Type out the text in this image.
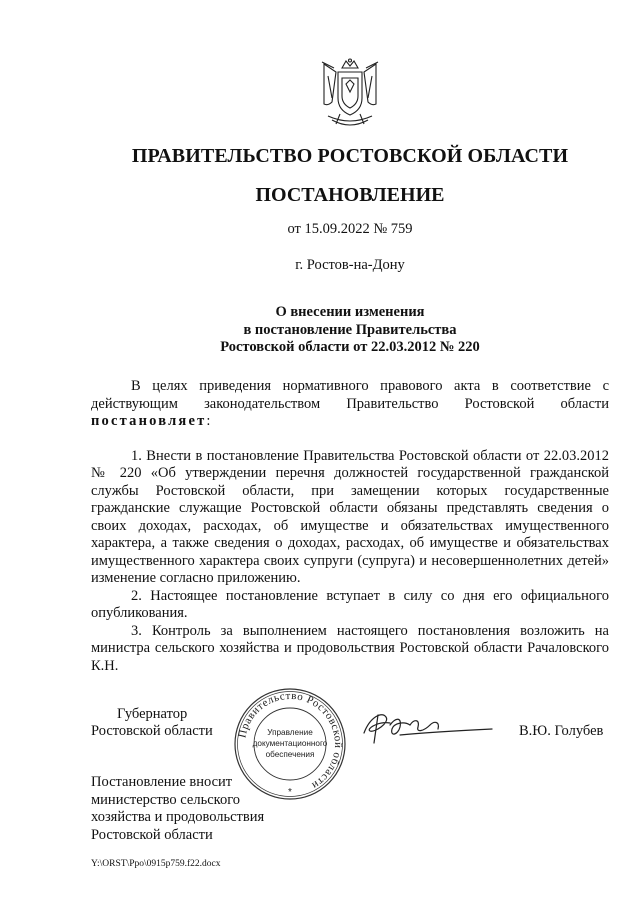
ПРАВИТЕЛЬСТВО РОСТОВСКОЙ ОБЛАСТИ
ПОСТАНОВЛЕНИЕ
от 15.09.2022 № 759
г. Ростов-на-Дону
О внесении изменения
в постановление Правительства
Ростовской области от 22.03.2012 № 220

В целях приведения нормативного правового акта в соответствие с действующим законодательством Правительство Ростовской области постановляет:

1. Внести в постановление Правительства Ростовской области от 22.03.2012 № 220 «Об утверждении перечня должностей государственной гражданской службы Ростовской области, при замещении которых государственные гражданские служащие Ростовской области обязаны представлять сведения о своих доходах, расходах, об имуществе и обязательствах имущественного характера, а также сведения о доходах, расходах, об имуществе и обязательствах имущественного характера своих супруги (супруга) и несовершеннолетних детей» изменение согласно приложению.

2. Настоящее постановление вступает в силу со дня его официального опубликования.

3. Контроль за выполнением настоящего постановления возложить на министра сельского хозяйства и продовольствия Ростовской области Рачаловского К.Н.

Губернатор
Ростовской области	В.Ю. Голубев
Правительство Ростовской области
Управление
документационного
обеспечения
*
Постановление вносит
министерство сельского
хозяйства и продовольствия
Ростовской области
Y:\ORST\Ppo\0915p759.f22.docx
